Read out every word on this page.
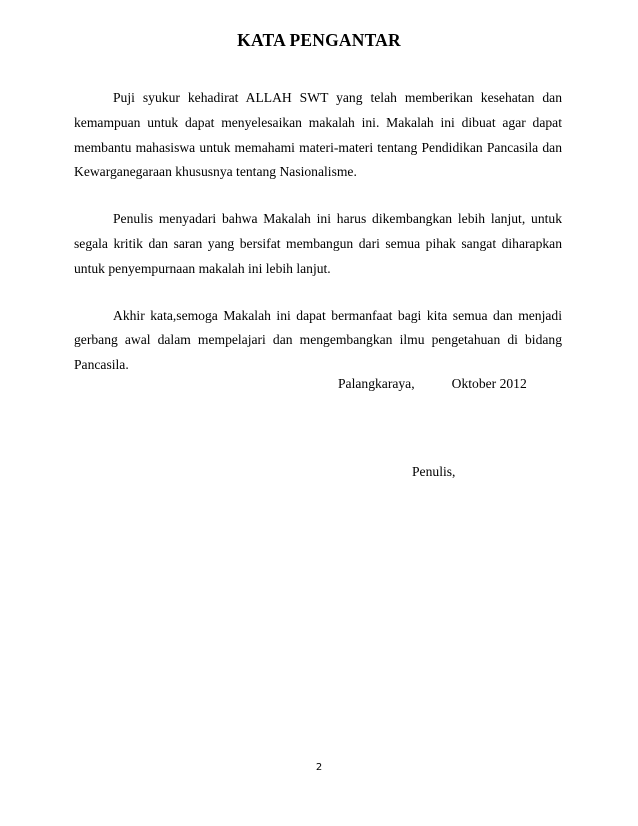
KATA PENGANTAR

Puji syukur kehadirat ALLAH SWT yang telah memberikan kesehatan dan kemampuan untuk dapat menyelesaikan makalah ini. Makalah ini dibuat agar dapat membantu mahasiswa untuk memahami materi-materi tentang Pendidikan Pancasila dan Kewarganegaraan khususnya tentang Nasionalisme.

Penulis menyadari bahwa Makalah ini harus dikembangkan lebih lanjut, untuk segala kritik dan saran yang bersifat membangun dari semua pihak sangat diharapkan untuk penyempurnaan makalah ini lebih lanjut.

Akhir kata,semoga Makalah ini dapat bermanfaat bagi kita semua dan menjadi gerbang awal dalam mempelajari dan mengembangkan ilmu pengetahuan di bidang Pancasila.

Palangkaraya,	Oktober 2012
Penulis,
2
